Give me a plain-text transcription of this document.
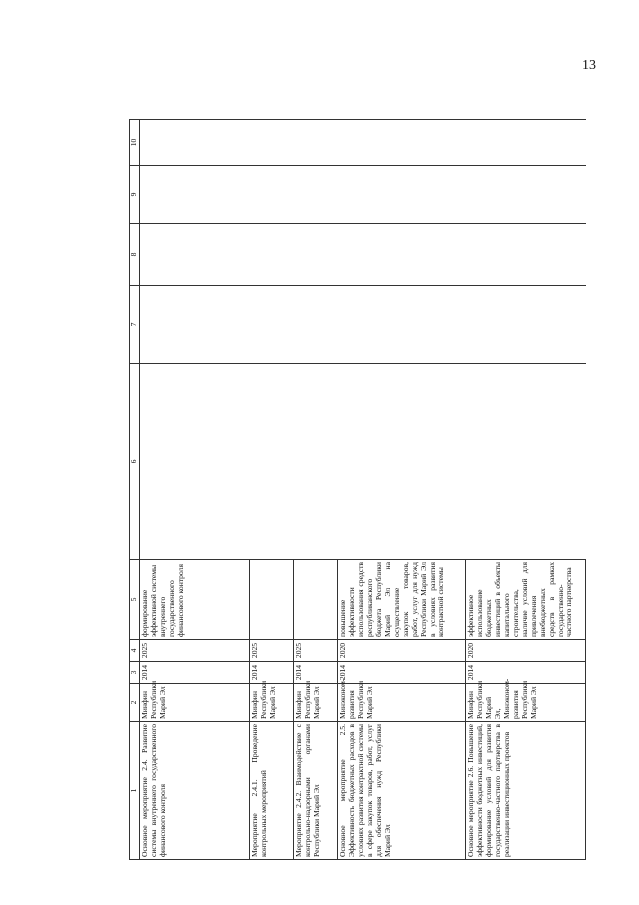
13
1	2	3	4	5	6	7	8	9	10
Основное мероприятие 2.4. Развитие системы внутреннего государственного финансового контроля	Минфин Республики Марий Эл	2014	2025	формирование эффективной системы внутреннего государственного финансового контроля					
Мероприятие 2.4.1. Проведение контрольных мероприятий	Минфин Республики Марий Эл	2014	2025						
Мероприятие 2.4.2. Взаимодействие с контрольно-надзорными органами Республики Марий Эл	Минфин Республики Марий Эл	2014	2025						
Основное мероприятие 2.5. Эффективность бюджетных расходов в условиях развития контрактной системы в сфере закупок товаров, работ, услуг для обеспечения нужд Республики Марий Эл	Минэконом-развития Республики Марий Эл	2014	2020	повышение эффективности использования средств республиканского бюджета Республики Марий Эл на осуществление закупок товаров, работ, услуг для нужд Республики Марий Эл в условиях развития контрактной системы					
Основное мероприятие 2.6. Повышение эффективности бюджетных инвестиций, формирование условий для развития государственно-частного партнерства в реализации инвестиционных проектов	Минфин Республики Марий Эл, Минэконом-развития Республики Марий Эл	2014	2020	эффективное использование бюджетных инвестиций в объекты капитального строительства, наличие условий для привлечения внебюджетных средств в рамках государственно-частного партнерства					
